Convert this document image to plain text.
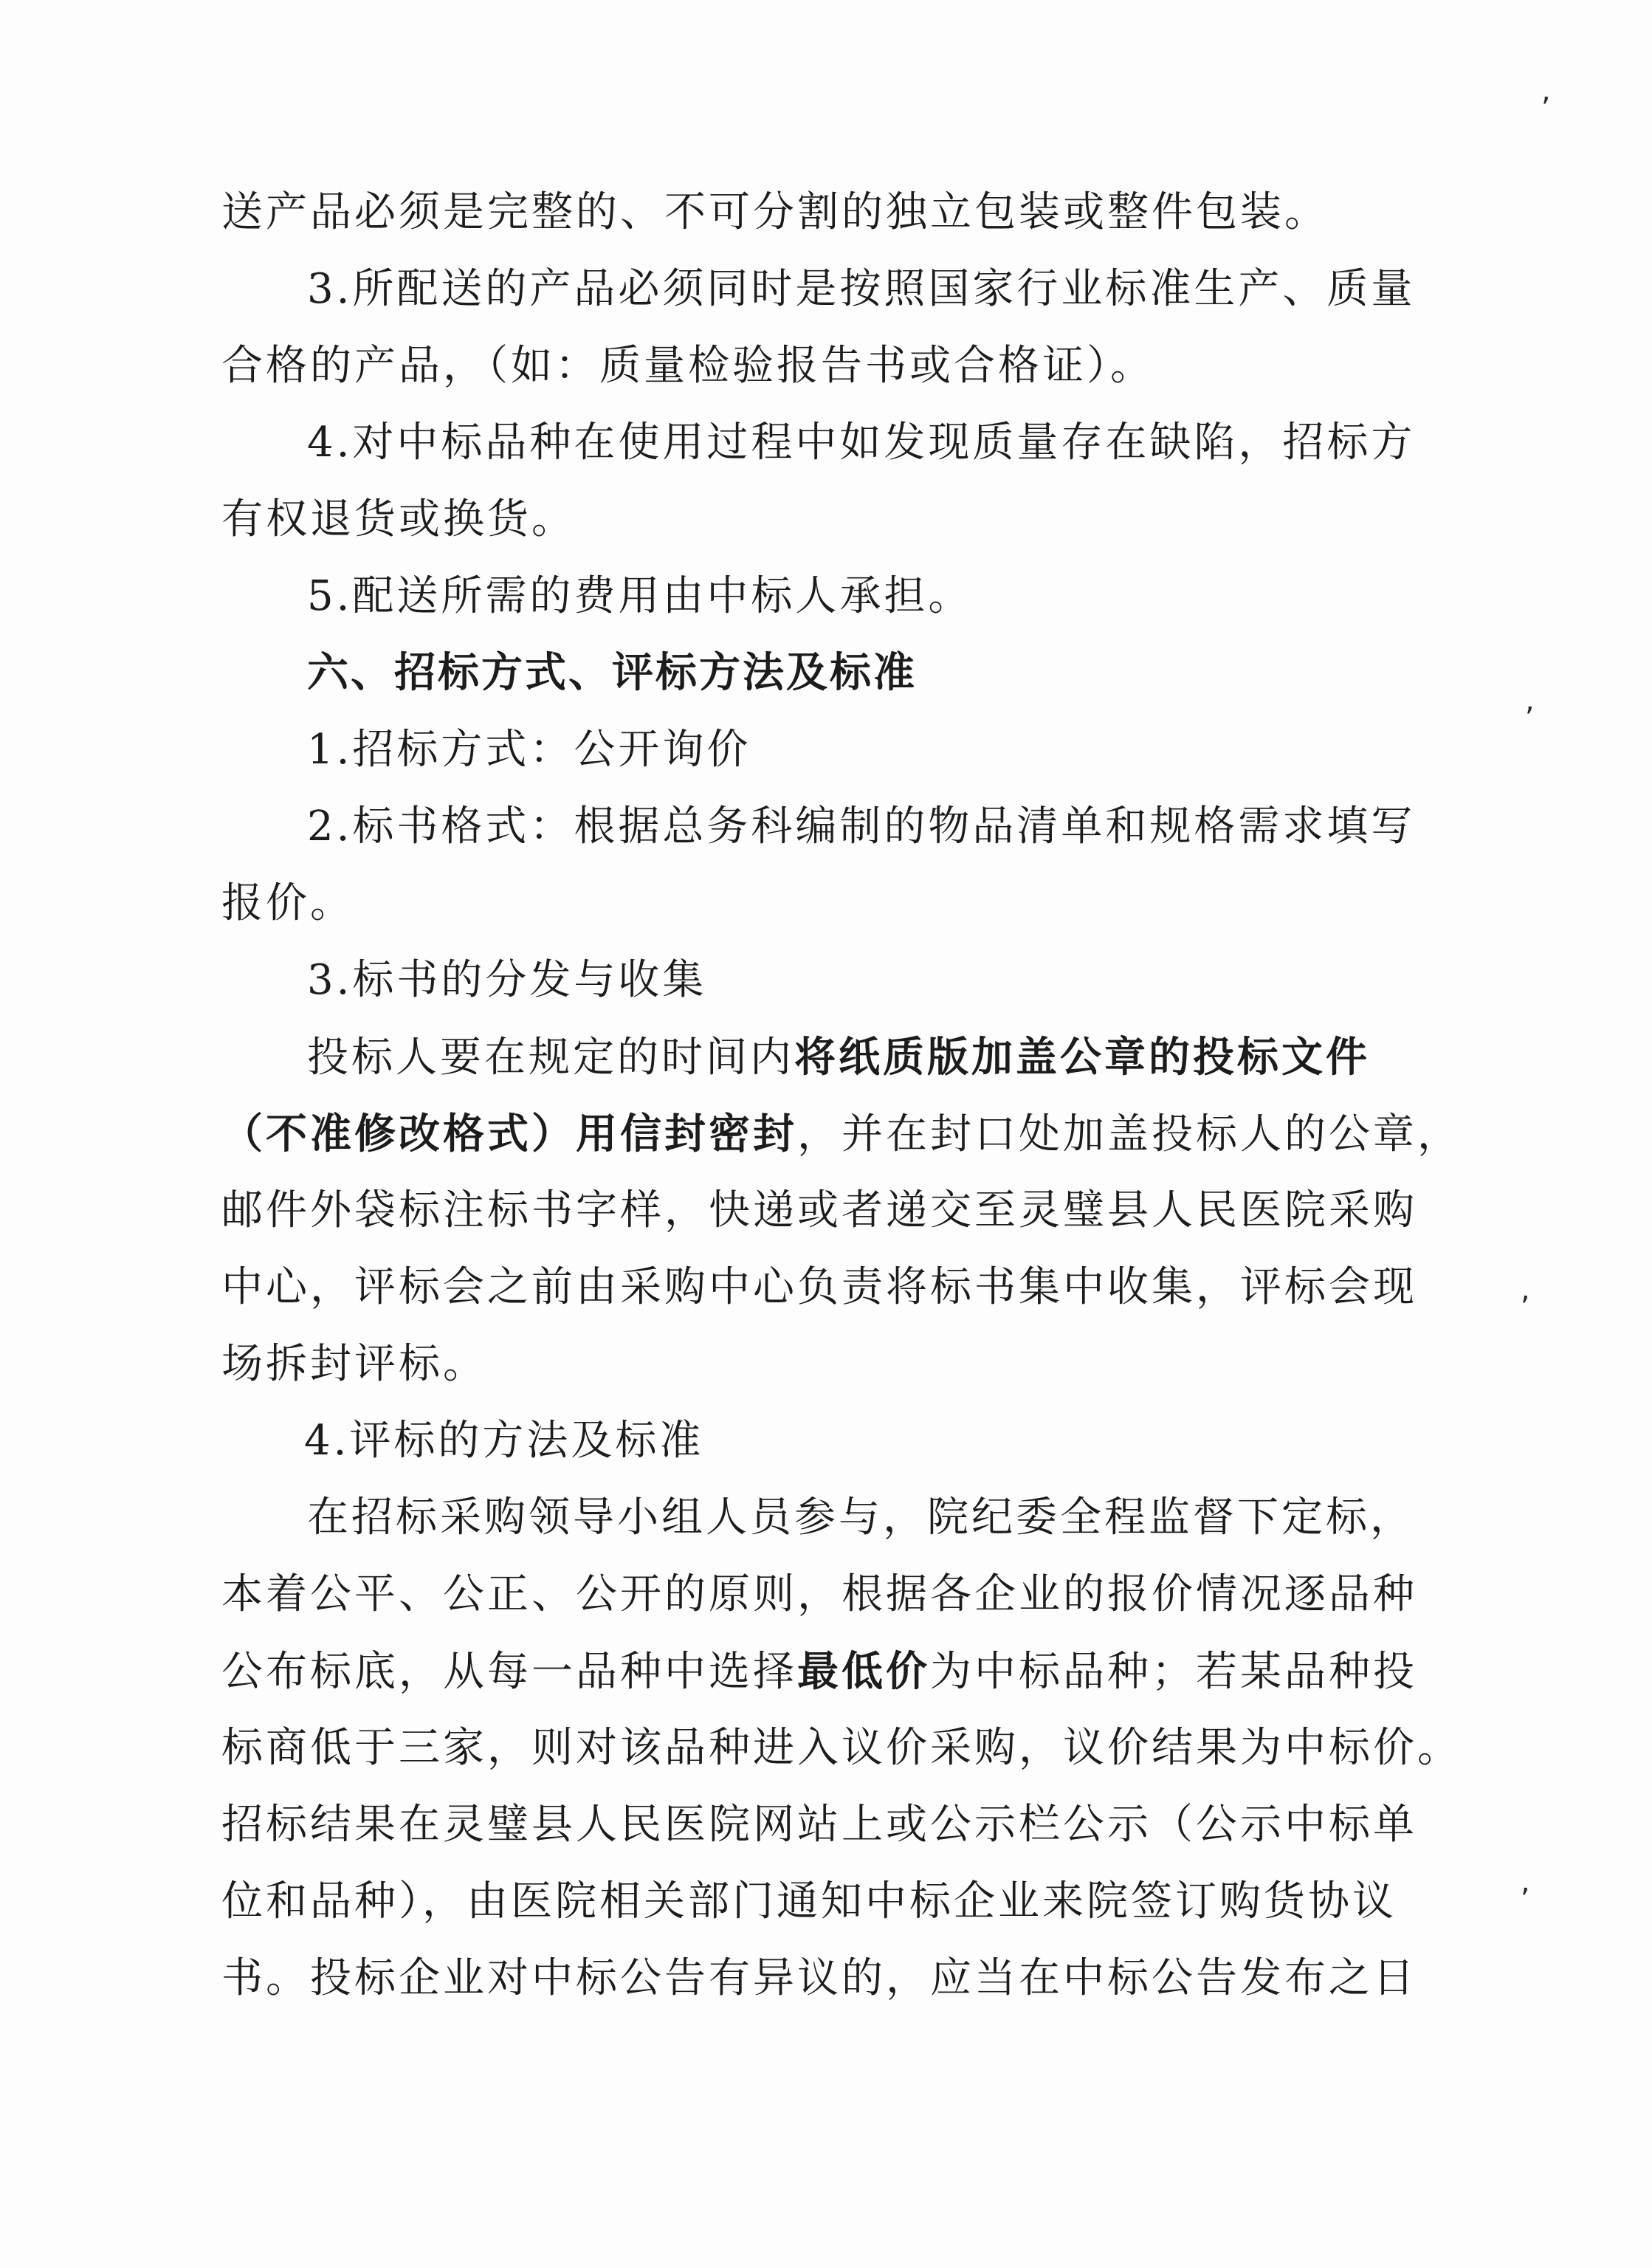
送产品必须是完整的、不可分割的独立包装或整件包装。
3.所配送的产品必须同时是按照国家行业标准生产、质量
合格的产品，（如：质量检验报告书或合格证）。
4.对中标品种在使用过程中如发现质量存在缺陷，招标方
有权退货或换货。
5.配送所需的费用由中标人承担。
六、招标方式、评标方法及标准
1.招标方式：公开询价
2.标书格式：根据总务科编制的物品清单和规格需求填写
报价。
3.标书的分发与收集
投标人要在规定的时间内将纸质版加盖公章的投标文件
（不准修改格式）用信封密封，并在封口处加盖投标人的公章，
邮件外袋标注标书字样，快递或者递交至灵璧县人民医院采购
中心，评标会之前由采购中心负责将标书集中收集，评标会现
场拆封评标。
4.评标的方法及标准
在招标采购领导小组人员参与，院纪委全程监督下定标，
本着公平、公正、公开的原则，根据各企业的报价情况逐品种
公布标底，从每一品种中选择最低价为中标品种；若某品种投
标商低于三家，则对该品种进入议价采购，议价结果为中标价。
招标结果在灵璧县人民医院网站上或公示栏公示（公示中标单
位和品种），由医院相关部门通知中标企业来院签订购货协议
书。投标企业对中标公告有异议的，应当在中标公告发布之日
,
,
,
,
